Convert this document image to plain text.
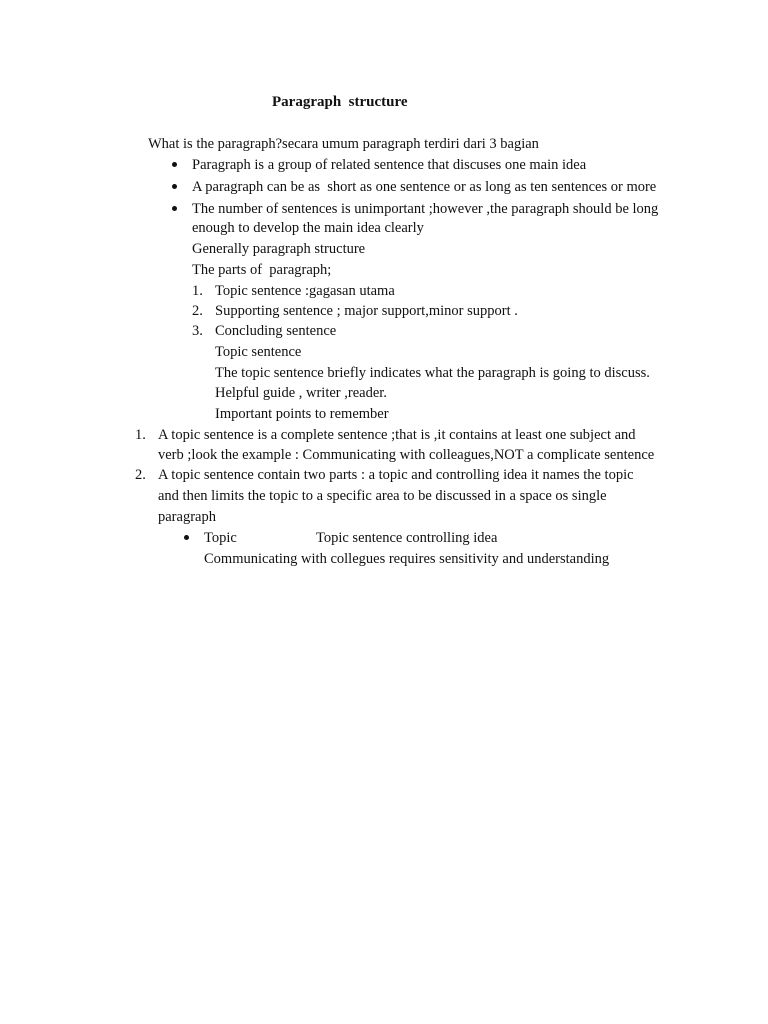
Paragraph  structure
What is the paragraph?secara umum paragraph terdiri dari 3 bagian
Paragraph is a group of related sentence that discuses one main idea
A paragraph can be as  short as one sentence or as long as ten sentences or more
The number of sentences is unimportant ;however ,the paragraph should be long
enough to develop the main idea clearly
Generally paragraph structure
The parts of  paragraph;
1. Topic sentence :gagasan utama
2. Supporting sentence ; major support,minor support .
3. Concluding sentence
Topic sentence
The topic sentence briefly indicates what the paragraph is going to discuss.
Helpful guide , writer ,reader.
Important points to remember
1. A topic sentence is a complete sentence ;that is ,it contains at least one subject and
verb ;look the example : Communicating with colleagues,NOT a complicate sentence
2. A topic sentence contain two parts : a topic and controlling idea it names the topic
and then limits the topic to a specific area to be discussed in a space os single
paragraph
Topic	Topic sentence controlling idea
Communicating with collegues requires sensitivity and understanding
